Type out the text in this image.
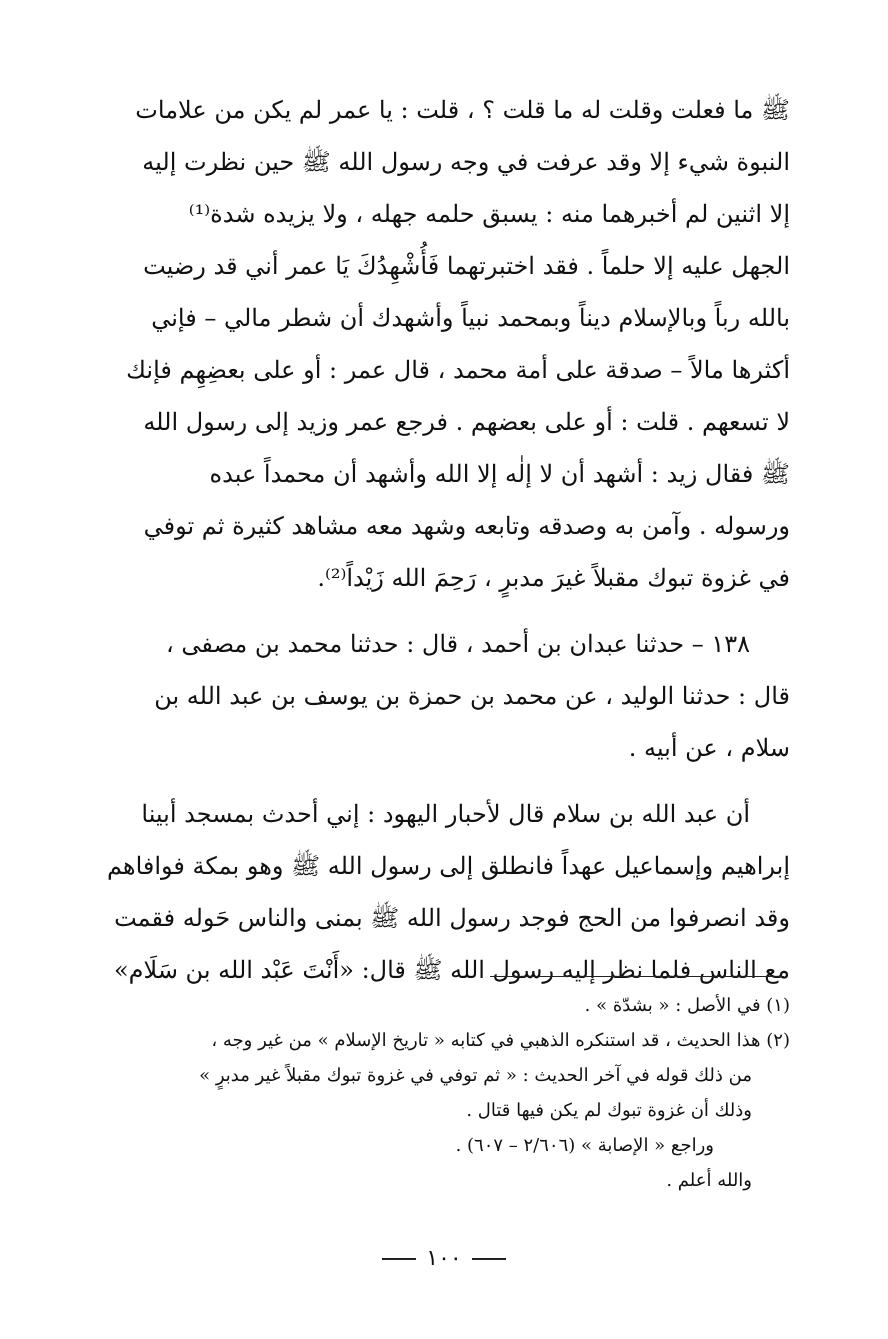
ﷺ ما فعلت وقلت له ما قلت ؟ ، قلت : يا عمر لم يكن من علامات

النبوة شيء إلا وقد عرفت في وجه رسول الله ﷺ حين نظرت إليه

إلا اثنين لم أخبرهما منه : يسبق حلمه جهله ، ولا يزيده شدة⁽¹⁾

الجهل عليه إلا حلماً . فقد اختبرتهما فَأُشْهِدُكَ يَا عمر أني قد رضيت

بالله رباً وبالإسلام ديناً وبمحمد نبياً وأشهدك أن شطر مالي – فإني

أكثرها مالاً – صدقة على أمة محمد ، قال عمر : أو على بعضِهِم فإنك

لا تسعهم . قلت : أو على بعضهم . فرجع عمر وزيد إلى رسول الله

ﷺ فقال زيد : أشهد أن لا إلٰه إلا الله وأشهد أن محمداً عبده

ورسوله . وآمن به وصدقه وتابعه وشهد معه مشاهد كثيرة ثم توفي

في غزوة تبوك مقبلاً غيرَ مدبرٍ ، رَحِمَ الله زَيْداً⁽²⁾.

١٣٨ – حدثنا عبدان بن أحمد ، قال : حدثنا محمد بن مصفى ،

قال : حدثنا الوليد ، عن محمد بن حمزة بن يوسف بن عبد الله بن

سلام ، عن أبيه .

أن عبد الله بن سلام قال لأحبار اليهود : إني أحدث بمسجد أبينا

إبراهيم وإسماعيل عهداً فانطلق إلى رسول الله ﷺ وهو بمكة فوافاهم

وقد انصرفوا من الحج فوجد رسول الله ﷺ بمنى والناس حَوله فقمت

مع الناس فلما نظر إليه رسول الله ﷺ قال: «أَنْتَ عَبْد الله بن سَلَام»

(١) في الأصل : « بشدّة » .

(٢) هذا الحديث ، قد استنكره الذهبي في كتابه « تاريخ الإسلام » من غير وجه ،

من ذلك قوله في آخر الحديث : « ثم توفي في غزوة تبوك مقبلاً غير مدبرٍ »

وذلك أن غزوة تبوك لم يكن فيها قتال .

وراجع « الإصابة » (٢/٦٠٦ – ٦٠٧) .

والله أعلم .

١٠٠
